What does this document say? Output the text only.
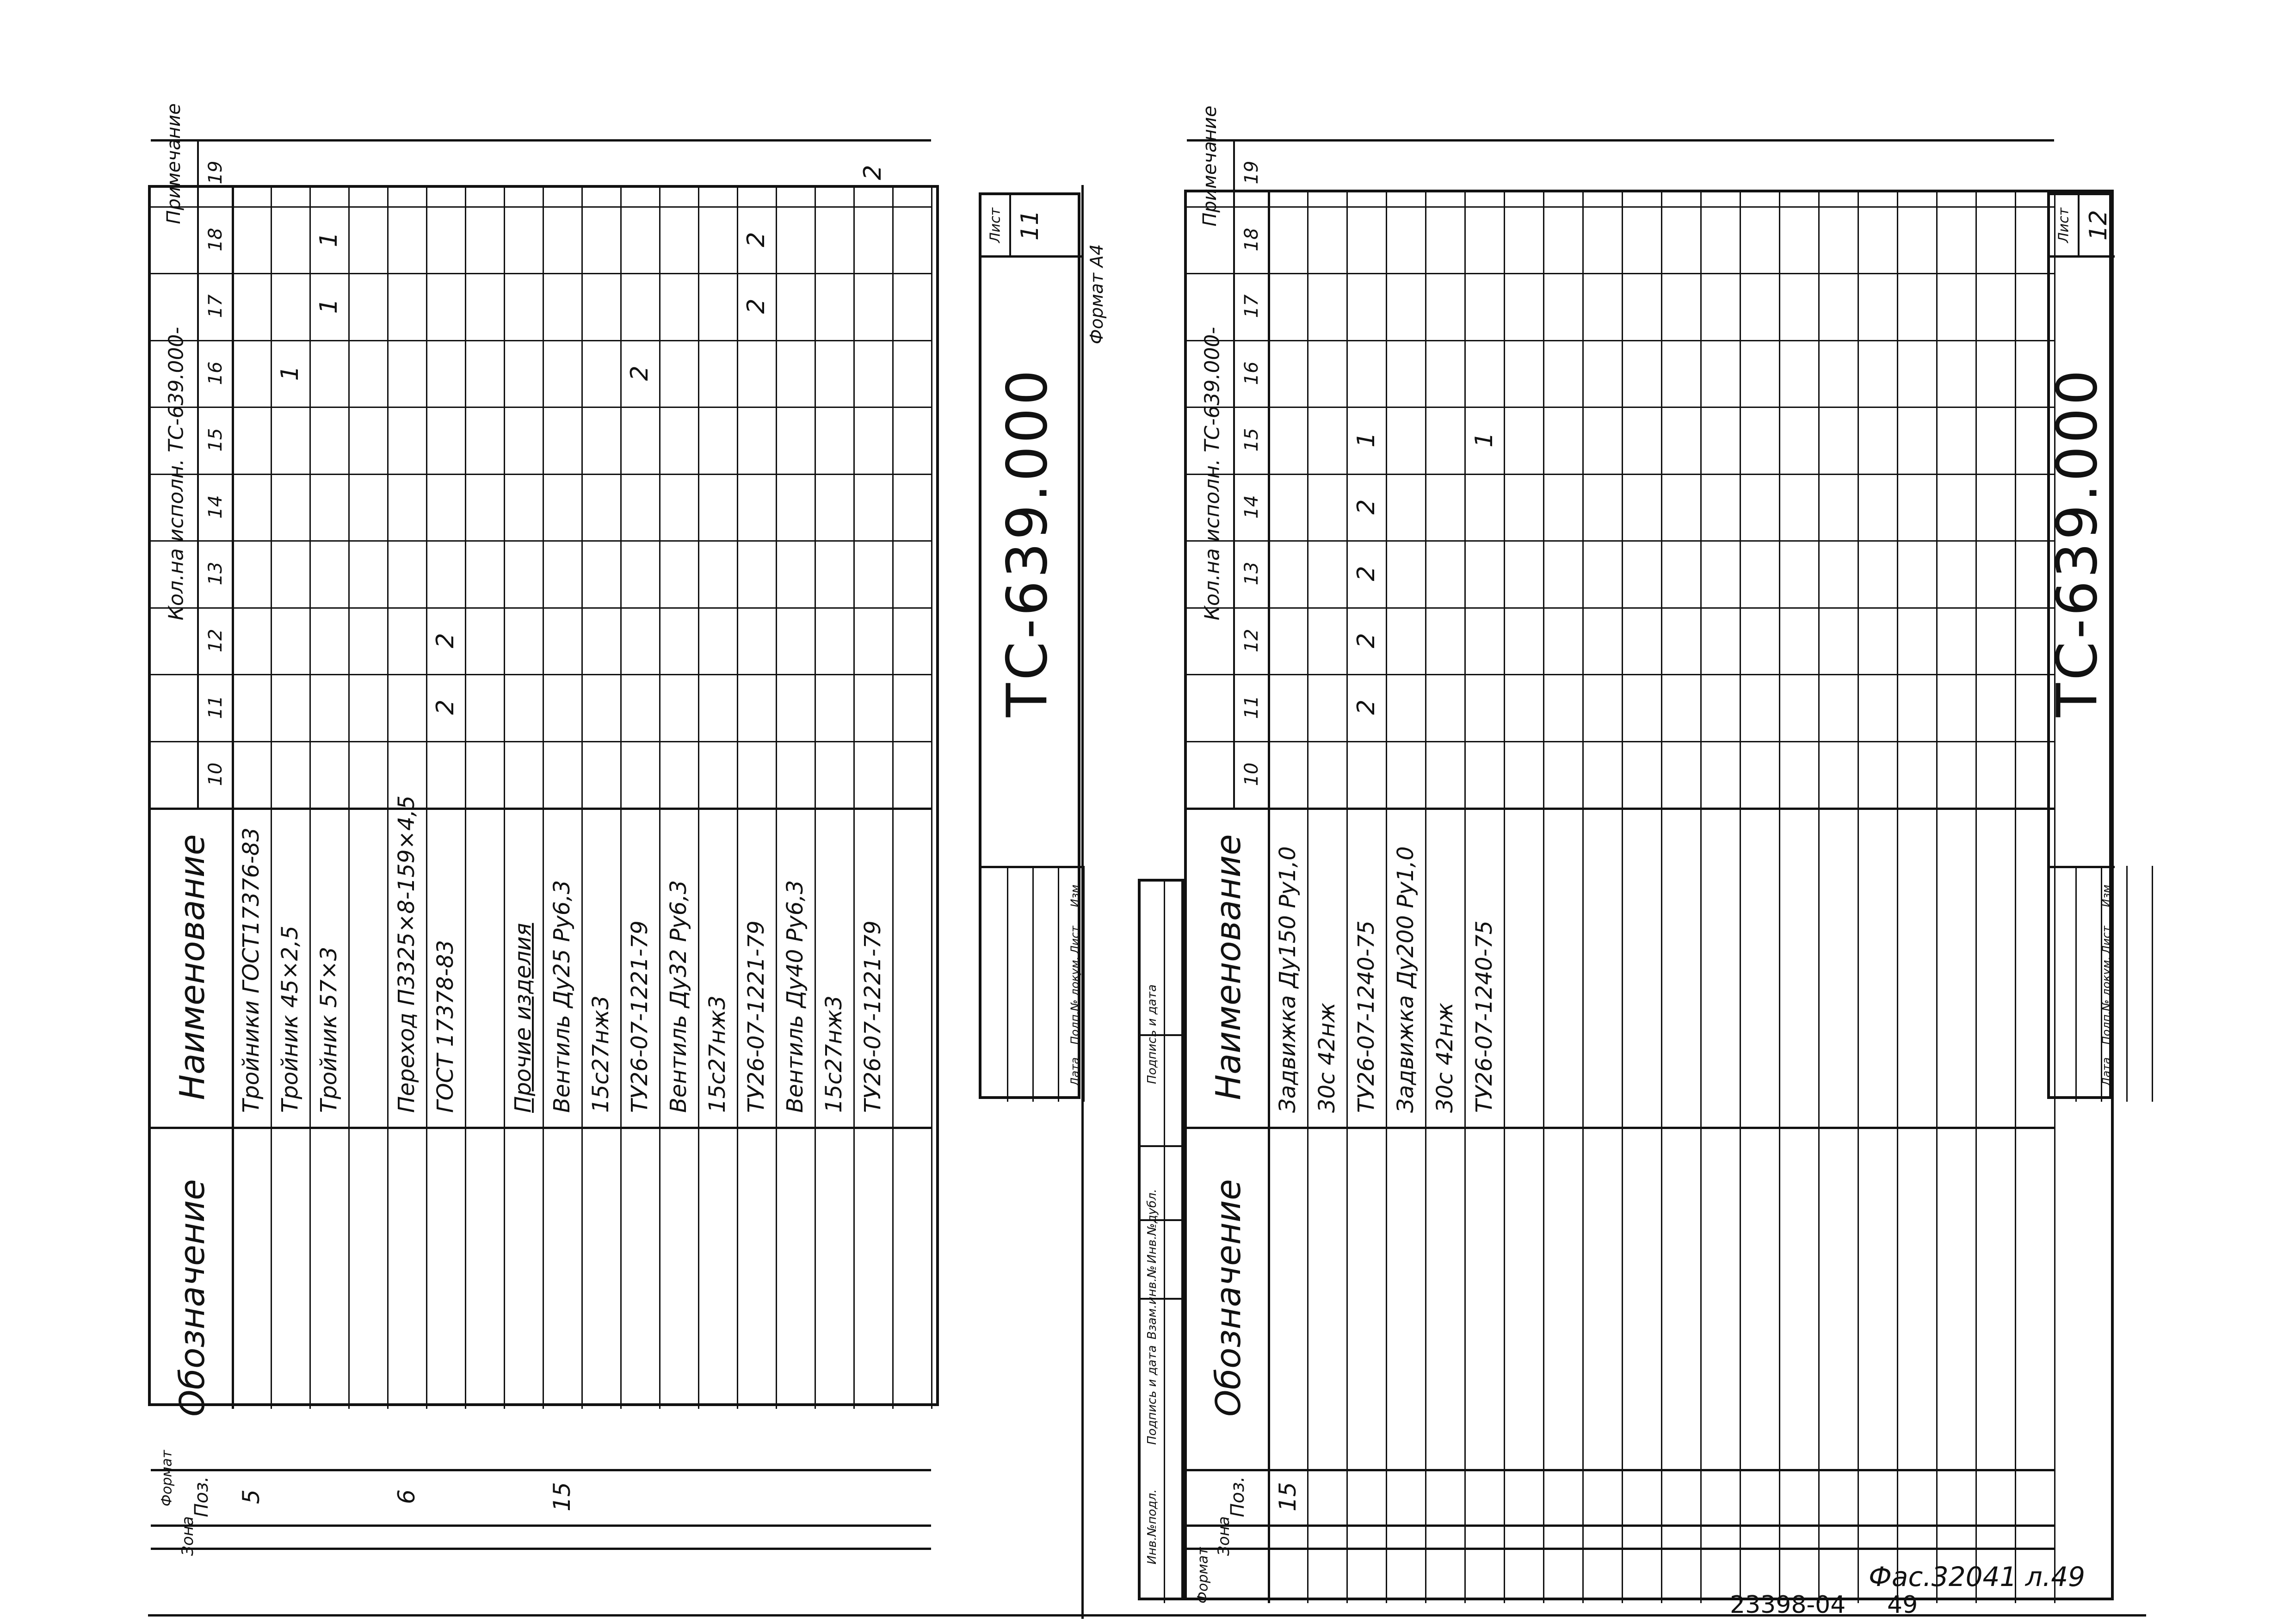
Примечание
Кол.на исполн. ТС-639.000-
10
11
12
13
14
15
16
17
18
19
Наименование
Обозначение
Поз.
Зона
Формат
Тройники ГОСТ17376-83
5
Тройник 45×2,5
1
Тройник 57×3
1
1
Переход П3325×8-159×4,5
6
ГОСТ 17378-83
2
2
Прочие изделия Вентиль Ду25 Ру6,3
15
15с27нж3 ТУ26-07-1221-79
2
Вентиль Ду32 Ру6,3 15с27нж3 ТУ26-07-1221-79
2
2
Вентиль Ду40 Ру6,3 15с27нж3 ТУ26-07-1221-79
2
Лист 11
Изм
Лист
№ докум.
Подп.
Дата
ТС-639.000
Формат А4
Примечание
Кол.на исполн. ТС-639.000-
10
11
12
13
14
15
16
17
18
19
Наименование
Обозначение
Поз.
Зона
Формат
Задвижка Ду150 Ру1,0
15
30с 42нж ТУ26-07-1240-75
2
2
2
2
1
Задвижка Ду200 Ру1,0 30с 42нж ТУ26-07-1240-75
1
Лист 12
Изм
Лист
№ докум.
Подп.
Дата
ТС-639.000
Инв.№подл.
Подпись и дата
Взам.инв.№
Инв.№дубл.
Подпись и дата
Фас.32041 л.49
23398-04 49
